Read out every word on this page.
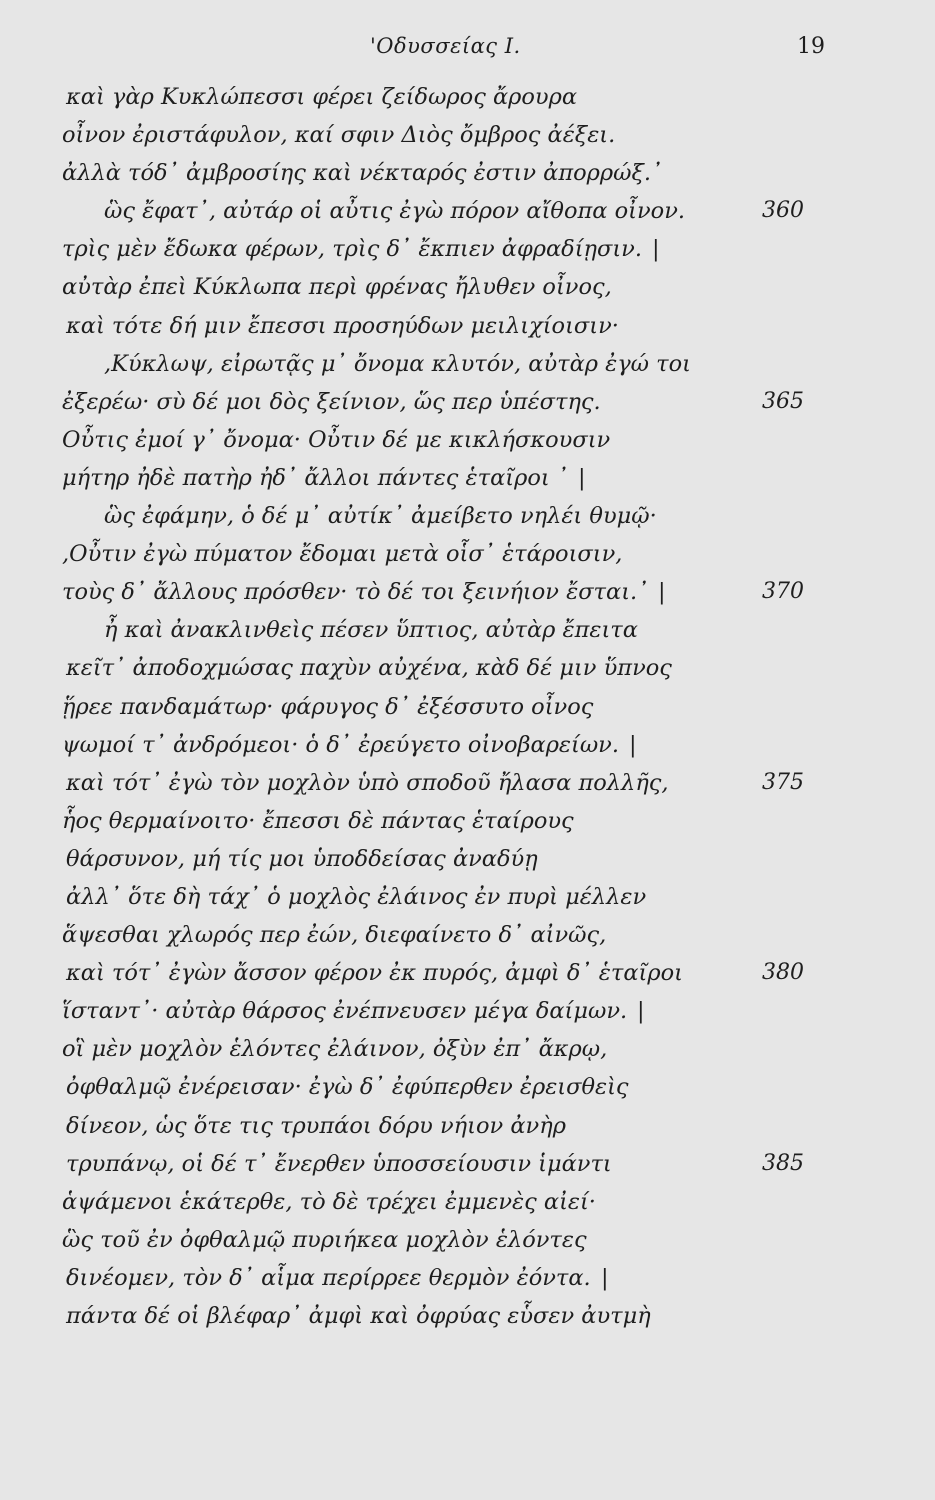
'Οδυσσείας Ι.	19
καὶ γὰρ Κυκλώπεσσι φέρει ζείδωρος ἄρουρα
οἶνον ἐριστάφυλον, καί σφιν Διὸς ὄμβρος ἀέξει.
ἀλλὰ τόδ᾽ ἀμβροσίης καὶ νέκταρός ἐστιν ἀπορρώξ.᾽
ὣς ἔφατ᾽, αὐτάρ οἱ αὖτις ἐγὼ πόρον αἴθοπα οἶνον.	360
τρὶς μὲν ἔδωκα φέρων, τρὶς δ᾽ ἔκπιεν ἀφραδίῃσιν. |
αὐτὰρ ἐπεὶ Κύκλωπα περὶ φρένας ἤλυθεν οἶνος,
καὶ τότε δή μιν ἔπεσσι προσηύδων μειλιχίοισιν·
,Κύκλωψ, εἰρωτᾷς μ᾽ ὄνομα κλυτόν, αὐτὰρ ἐγώ τοι
ἐξερέω· σὺ δέ μοι δὸς ξείνιον, ὥς περ ὑπέστης.	365
Οὖτις ἐμοί γ᾽ ὄνομα· Οὖτιν δέ με κικλήσκουσιν
μήτηρ ἠδὲ πατὴρ ἠδ᾽ ἄλλοι πάντες ἑταῖροι ᾽ |
ὣς ἐφάμην, ὁ δέ μ᾽ αὐτίκ᾽ ἀμείβετο νηλέι θυμῷ·
,Οὖτιν ἐγὼ πύματον ἔδομαι μετὰ οἷσ᾽ ἑτάροισιν,
τοὺς δ᾽ ἄλλους πρόσθεν· τὸ δέ τοι ξεινήιον ἔσται.᾽ |	370
ἦ καὶ ἀνακλινθεὶς πέσεν ὕπτιος, αὐτὰρ ἔπειτα
κεῖτ᾽ ἀποδοχμώσας παχὺν αὐχένα, κὰδ δέ μιν ὕπνος
ᾕρεε πανδαμάτωρ· φάρυγος δ᾽ ἐξέσσυτο οἶνος
ψωμοί τ᾽ ἀνδρόμεοι· ὁ δ᾽ ἐρεύγετο οἰνοβαρείων. |
καὶ τότ᾽ ἐγὼ τὸν μοχλὸν ὑπὸ σποδοῦ ἤλασα πολλῆς,	375
ἧος θερμαίνοιτο· ἔπεσσι δὲ πάντας ἑταίρους
θάρσυνον, μή τίς μοι ὑποδδείσας ἀναδύῃ
ἀλλ᾽ ὅτε δὴ τάχ᾽ ὁ μοχλὸς ἐλάινος ἐν πυρὶ μέλλεν
ἅψεσθαι χλωρός περ ἐών, διεφαίνετο δ᾽ αἰνῶς,
καὶ τότ᾽ ἐγὼν ἄσσον φέρον ἐκ πυρός, ἀμφὶ δ᾽ ἑταῖροι	380
ἵσταντ᾽· αὐτὰρ θάρσος ἐνέπνευσεν μέγα δαίμων. |
οἳ μὲν μοχλὸν ἑλόντες ἐλάινον, ὀξὺν ἐπ᾽ ἄκρῳ,
ὀφθαλμῷ ἐνέρεισαν· ἐγὼ δ᾽ ἐφύπερθεν ἐρεισθεὶς
δίνεον, ὡς ὅτε τις τρυπάοι δόρυ νήιον ἀνὴρ
τρυπάνῳ, οἱ δέ τ᾽ ἔνερθεν ὑποσσείουσιν ἱμάντι	385
ἁψάμενοι ἑκάτερθε, τὸ δὲ τρέχει ἐμμενὲς αἰεί·
ὣς τοῦ ἐν ὀφθαλμῷ πυριήκεα μοχλὸν ἑλόντες
δινέομεν, τὸν δ᾽ αἷμα περίρρεε θερμὸν ἐόντα. |
πάντα δέ οἱ βλέφαρ᾽ ἀμφὶ καὶ ὀφρύας εὗσεν ἀυτμὴ
